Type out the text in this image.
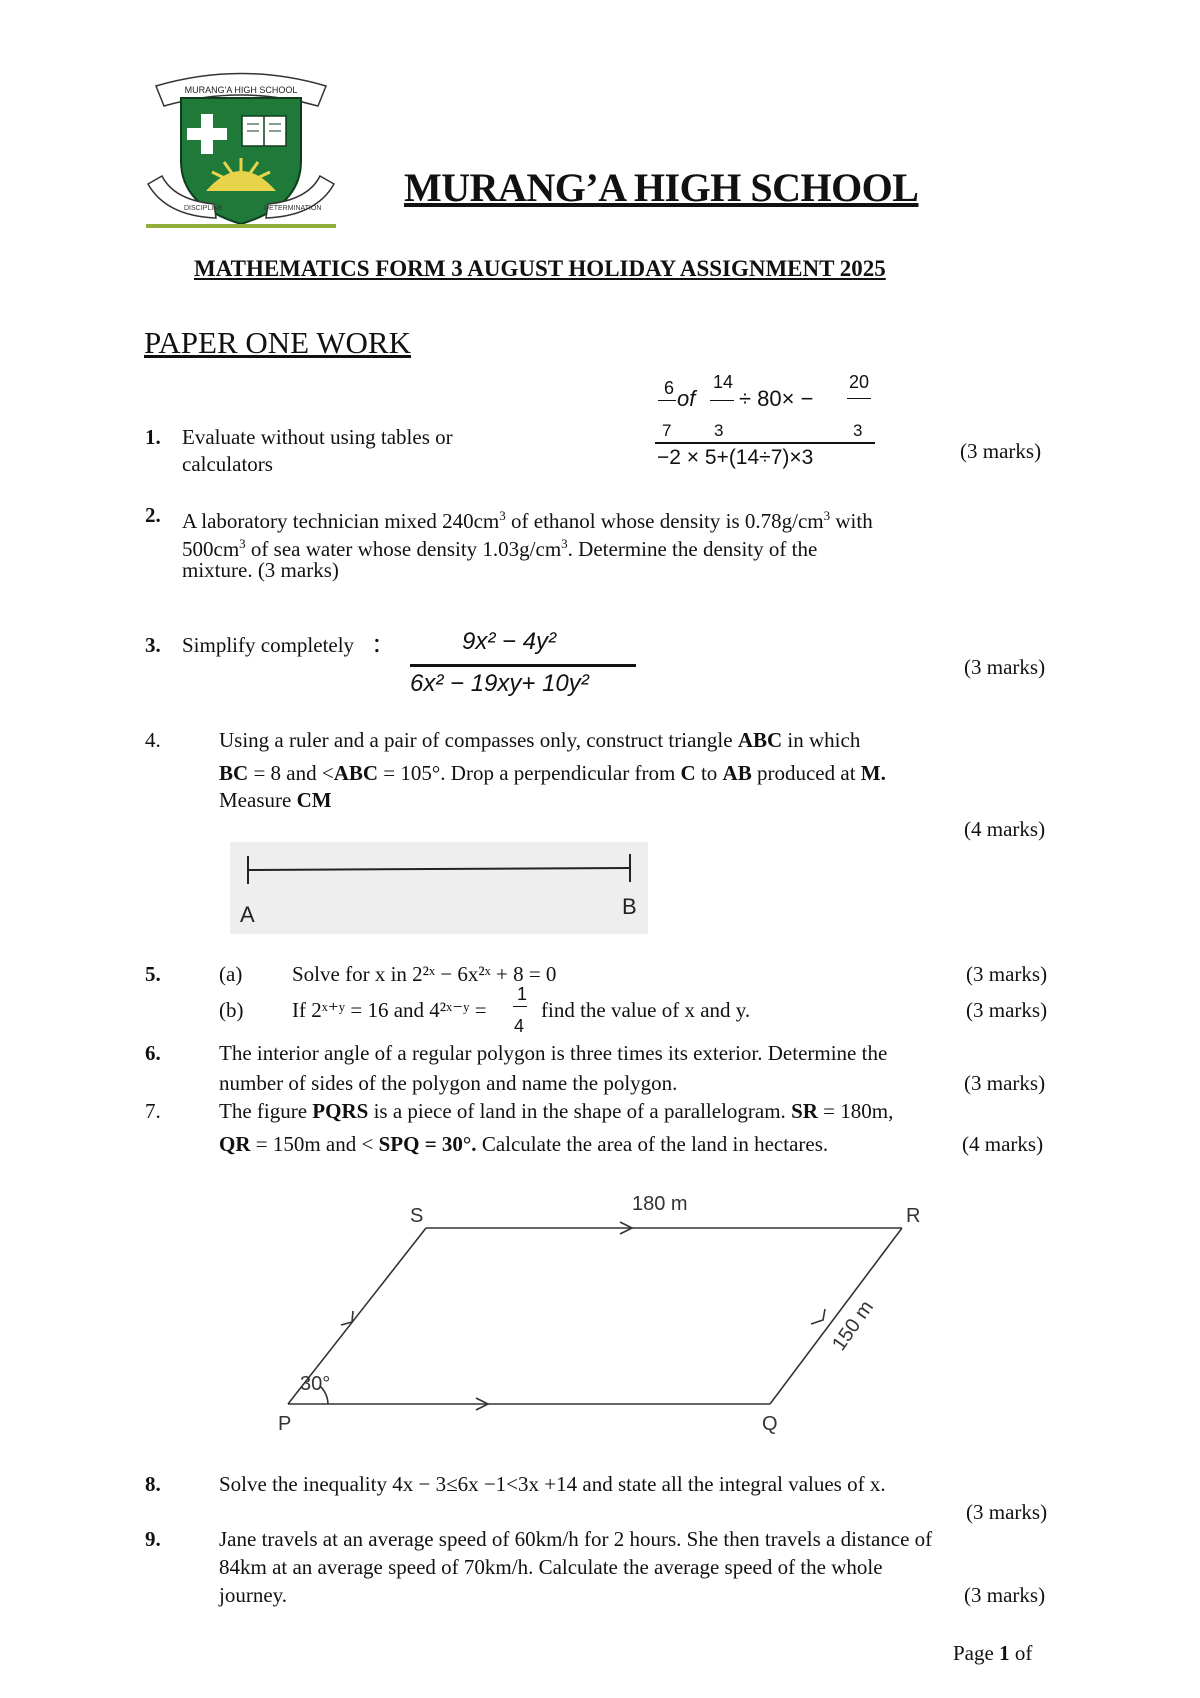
MURANG'A HIGH SCHOOL
DISCIPLINE	DETERMINATION MURANG’A HIGH SCHOOL
MATHEMATICS FORM 3 AUGUST HOLIDAY ASSIGNMENT 2025
PAPER ONE WORK
1. Evaluate without using tables or
calculators
6 of
7
14
3
÷ 80× −
20
3
−2 × 5+(14÷7)×3	(3 marks)
2. A laboratory technician mixed $240cm^3$ of ethanol whose density is $0.78g/cm^3$ with
$500cm^3$ of sea water whose density $1.03g/cm^3$. Determine the density of the
mixture. (3 marks)
3. Simplify completely :	9x² − 4y²
6x² − 19xy+ 10y²
(3 marks)
4.	Using a ruler and a pair of compasses only, construct triangle ABC in which
BC = 8 and <ABC = 105°. Drop a perpendicular from C to AB produced at M.
Measure CM
(4 marks)
A	B
5.	(a) Solve for x in 2²ˣ − 6x²ˣ + 8 = 0	(3 marks)
(b) If 2ˣ⁺ʸ = 16 and 4²ˣ⁻ʸ =
1
4
find the value of x and y.	(3 marks)
6.	The interior angle of a regular polygon is three times its exterior. Determine the
number of sides of the polygon and name the polygon.	(3 marks)
7.	The figure PQRS is a piece of land in the shape of a parallelogram. SR = 180m,
QR = 150m and < SPQ = 30°. Calculate the area of the land in hectares.	(4 marks)
S	R
P	Q
180 m
30°
150 m
8.	Solve the inequality 4x − 3≤6x −1<3x +14 and state all the integral values of x.
(3 marks)
9.	Jane travels at an average speed of 60km/h for 2 hours. She then travels a distance of
84km at an average speed of 70km/h. Calculate the average speed of the whole
journey.	(3 marks)
Page 1 of
